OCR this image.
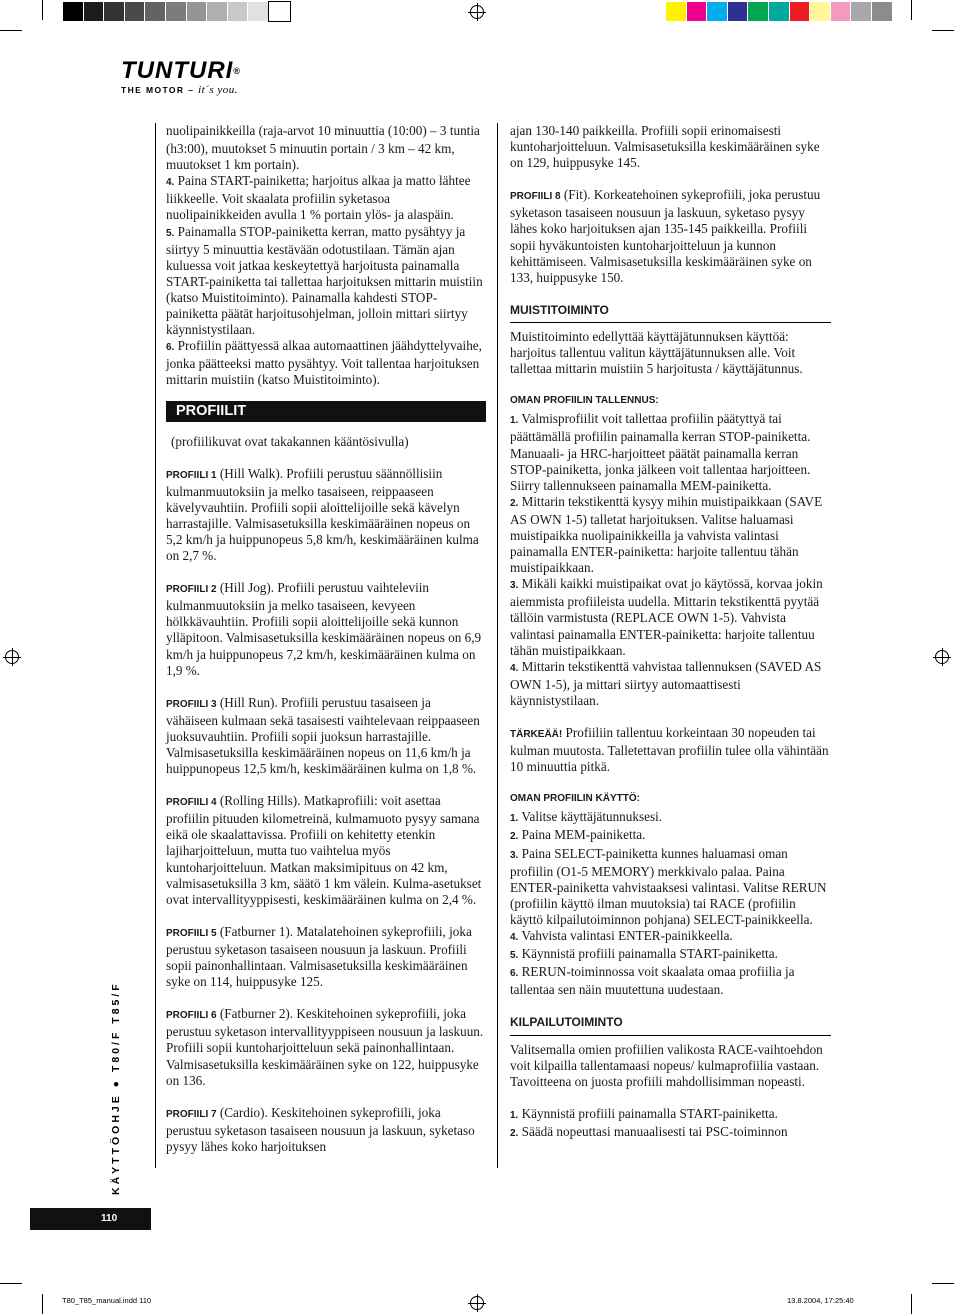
TUNTURI®
THE MOTOR – it´s you.

nuolipainikkeilla (raja-arvot 10 minuuttia (10:00) – 3 tuntia (h3:00), muutokset 5 minuutin portain / 3 km – 42 km, muutokset 1 km portain).

4. Paina START-painiketta; harjoitus alkaa ja matto lähtee liikkeelle. Voit skaalata profiilin syketasoa nuolipainikkeiden avulla 1 % portain ylös- ja alaspäin.

5. Painamalla STOP-painiketta kerran, matto pysähtyy ja siirtyy 5 minuuttia kestävään odotustilaan. Tämän ajan kuluessa voit jatkaa keskeytettyä harjoitusta painamalla START-painiketta tai tallettaa harjoituksen mittarin muistiin (katso Muistitoiminto). Painamalla kahdesti STOP-painiketta päätät harjoitusohjelman, jolloin mittari siirtyy käynnistystilaan.

6. Profiilin päättyessä alkaa automaattinen jäähdyttelyvaihe, jonka päätteeksi matto pysähtyy. Voit tallentaa harjoituksen mittarin muistiin (katso Muistitoiminto).

PROFIILIT

(profiilikuvat ovat takakannen kääntösivulla)

PROFIILI 1 (Hill Walk). Profiili perustuu säännöllisiin kulmanmuutoksiin ja melko tasaiseen, reippaaseen kävelyvauhtiin. Profiili sopii aloittelijoille sekä kävelyn harrastajille. Valmisasetuksilla keskimääräinen nopeus on 5,2 km/h ja huippunopeus 5,8 km/h, keskimääräinen kulma on 2,7 %.

PROFIILI 2 (Hill Jog). Profiili perustuu vaihteleviin kulmanmuutoksiin ja melko tasaiseen, kevyeen hölkkävauhtiin. Profiili sopii aloittelijoille sekä kunnon ylläpitoon. Valmisasetuksilla keskimääräinen nopeus on 6,9 km/h ja huippunopeus 7,2 km/h, keskimääräinen kulma on 1,9 %.

PROFIILI 3 (Hill Run). Profiili perustuu tasaiseen ja vähäiseen kulmaan sekä tasaisesti vaihtelevaan reippaaseen juoksuvauhtiin. Profiili sopii juoksun harrastajille. Valmisasetuksilla keskimääräinen nopeus on 11,6 km/h ja huippunopeus 12,5 km/h, keskimääräinen kulma on 1,8 %.

PROFIILI 4 (Rolling Hills). Matkaprofiili: voit asettaa profiilin pituuden kilometreinä, kulmamuoto pysyy samana eikä ole skaalattavissa. Profiili on kehitetty etenkin lajiharjoitteluun, mutta tuo vaihtelua myös kuntoharjoitteluun. Matkan maksimipituus on 42 km, valmisasetuksilla 3 km, säätö 1 km välein. Kulma-asetukset ovat intervallityyppisesti, keskimääräinen kulma on 2,4 %.

PROFIILI 5 (Fatburner 1). Matalatehoinen sykeprofiili, joka perustuu syketason tasaiseen nousuun ja laskuun. Profiili sopii painonhallintaan. Valmisasetuksilla keskimääräinen syke on 114, huippusyke 125.

PROFIILI 6 (Fatburner 2). Keskitehoinen sykeprofiili, joka perustuu syketason intervallityyppiseen nousuun ja laskuun. Profiili sopii kuntoharjoitteluun sekä painonhallintaan. Valmisasetuksilla keskimääräinen syke on 122, huippusyke on 136.

PROFIILI 7 (Cardio). Keskitehoinen sykeprofiili, joka perustuu syketason tasaiseen nousuun ja laskuun, syketaso pysyy lähes koko harjoituksen

ajan 130-140 paikkeilla. Profiili sopii erinomaisesti kuntoharjoitteluun. Valmisasetuksilla keskimääräinen syke on 129, huippusyke 145.

PROFIILI 8 (Fit). Korkeatehoinen sykeprofiili, joka perustuu syketason tasaiseen nousuun ja laskuun, syketaso pysyy lähes koko harjoituksen ajan 135-145 paikkeilla. Profiili sopii hyväkuntoisten kuntoharjoitteluun ja kunnon kehittämiseen. Valmisasetuksilla keskimääräinen syke on 133, huippusyke 150.

MUISTITOIMINTO

Muistitoiminto edellyttää käyttäjätunnuksen käyttöä: harjoitus tallentuu valitun käyttäjätunnuksen alle. Voit tallettaa mittarin muistiin 5 harjoitusta / käyttäjätunnus.

OMAN PROFIILIN TALLENNUS:

1. Valmisprofiilit voit tallettaa profiilin päätyttyä tai päättämällä profiilin painamalla kerran STOP-painiketta. Manuaali- ja HRC-harjoitteet päätät painamalla kerran STOP-painiketta, jonka jälkeen voit tallentaa harjoitteen. Siirry tallennukseen painamalla MEM-painiketta.

2. Mittarin tekstikenttä kysyy mihin muistipaikkaan (SAVE AS OWN 1-5) talletat harjoituksen. Valitse haluamasi muistipaikka nuolipainikkeilla ja vahvista valintasi painamalla ENTER-painiketta: harjoite tallentuu tähän muistipaikkaan.

3. Mikäli kaikki muistipaikat ovat jo käytössä, korvaa jokin aiemmista profiileista uudella. Mittarin tekstikenttä pyytää tällöin varmistusta (REPLACE OWN 1-5). Vahvista valintasi painamalla ENTER-painiketta: harjoite tallentuu tähän muistipaikkaan.

4. Mittarin tekstikenttä vahvistaa tallennuksen (SAVED AS OWN 1-5), ja mittari siirtyy automaattisesti käynnistystilaan.

TÄRKEÄÄ! Profiiliin tallentuu korkeintaan 30 nopeuden tai kulman muutosta. Talletettavan profiilin tulee olla vähintään 10 minuuttia pitkä.

OMAN PROFIILIN KÄYTTÖ:

1. Valitse käyttäjätunnuksesi.

2. Paina MEM-painiketta.

3. Paina SELECT-painiketta kunnes haluamasi oman profiilin (O1-5 MEMORY) merkkivalo palaa. Paina ENTER-painiketta vahvistaaksesi valintasi. Valitse RERUN (profiilin käyttö ilman muutoksia) tai RACE (profiilin käyttö kilpailutoiminnon pohjana) SELECT-painikkeella.

4. Vahvista valintasi ENTER-painikkeella.

5. Käynnistä profiili painamalla START-painiketta.

6. RERUN-toiminnossa voit skaalata omaa profiilia ja tallentaa sen näin muutettuna uudestaan.

KILPAILUTOIMINTO

Valitsemalla omien profiilien valikosta RACE-vaihtoehdon voit kilpailla tallentamaasi nopeus/ kulmaprofiilia vastaan. Tavoitteena on juosta profiili mahdollisimman nopeasti.

1. Käynnistä profiili painamalla START-painiketta.

2. Säädä nopeuttasi manuaalisesti tai PSC-toiminnon

KÄYTTÖOHJE ● T80/F T85/F
110
T80_T85_manual.indd 110	13.8.2004, 17:25:40
